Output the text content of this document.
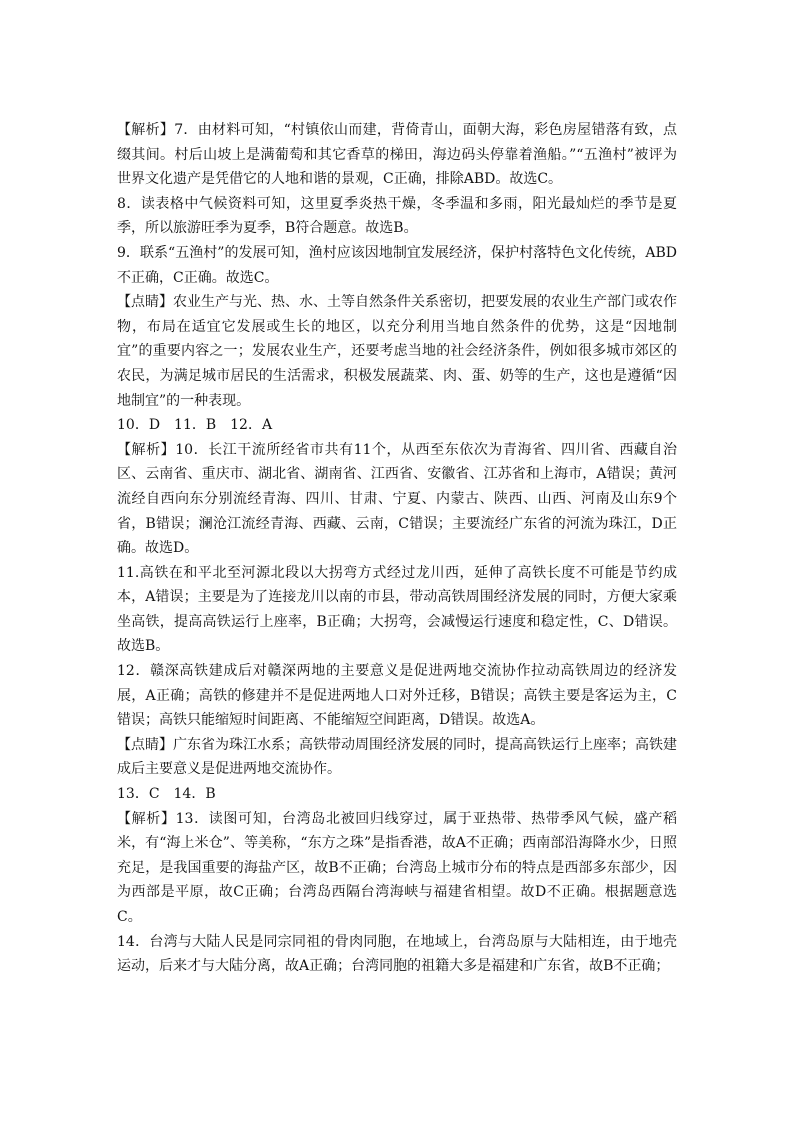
【解析】7．由材料可知，“村镇依山而建，背倚青山，面朝大海，彩色房屋错落有致，点缀其间。村后山坡上是满葡萄和其它香草的梯田，海边码头停靠着渔船。”“五渔村”被评为世界文化遗产是凭借它的人地和谐的景观，C正确，排除ABD。故选C。

8．读表格中气候资料可知，这里夏季炎热干燥，冬季温和多雨，阳光最灿烂的季节是夏季，所以旅游旺季为夏季，B符合题意。故选B。

9．联系“五渔村”的发展可知，渔村应该因地制宜发展经济，保护村落特色文化传统，ABD不正确，C正确。故选C。

【点睛】农业生产与光、热、水、土等自然条件关系密切，把要发展的农业生产部门或农作物，布局在适宜它发展或生长的地区，以充分利用当地自然条件的优势，这是“因地制宜”的重要内容之一；发展农业生产，还要考虑当地的社会经济条件，例如很多城市郊区的农民，为满足城市居民的生活需求，积极发展蔬菜、肉、蛋、奶等的生产，这也是遵循“因地制宜”的一种表现。

10．D　11．B　12．A

【解析】10．长江干流所经省市共有11个，从西至东依次为青海省、四川省、西藏自治区、云南省、重庆市、湖北省、湖南省、江西省、安徽省、江苏省和上海市，A错误；黄河流经自西向东分别流经青海、四川、甘肃、宁夏、内蒙古、陕西、山西、河南及山东9个省，B错误；澜沧江流经青海、西藏、云南，C错误；主要流经广东省的河流为珠江，D正确。故选D。

11.高铁在和平北至河源北段以大拐弯方式经过龙川西，延伸了高铁长度不可能是节约成本，A错误；主要是为了连接龙川以南的市县，带动高铁周围经济发展的同时，方便大家乘坐高铁，提高高铁运行上座率，B正确；大拐弯，会减慢运行速度和稳定性，C、D错误。故选B。

12．赣深高铁建成后对赣深两地的主要意义是促进两地交流协作拉动高铁周边的经济发展，A正确；高铁的修建并不是促进两地人口对外迁移，B错误；高铁主要是客运为主，C错误；高铁只能缩短时间距离、不能缩短空间距离，D错误。故选A。

【点睛】广东省为珠江水系；高铁带动周围经济发展的同时，提高高铁运行上座率；高铁建成后主要意义是促进两地交流协作。

13．C　14．B

【解析】13．读图可知，台湾岛北被回归线穿过，属于亚热带、热带季风气候，盛产稻米，有“海上米仓”、等美称，“东方之珠”是指香港，故A不正确；西南部沿海降水少，日照充足，是我国重要的海盐产区，故B不正确；台湾岛上城市分布的特点是西部多东部少，因为西部是平原，故C正确；台湾岛西隔台湾海峡与福建省相望。故D不正确。根据题意选C。

14．台湾与大陆人民是同宗同祖的骨肉同胞，在地域上，台湾岛原与大陆相连，由于地壳运动，后来才与大陆分离，故A正确；台湾同胞的祖籍大多是福建和广东省，故B不正确；
